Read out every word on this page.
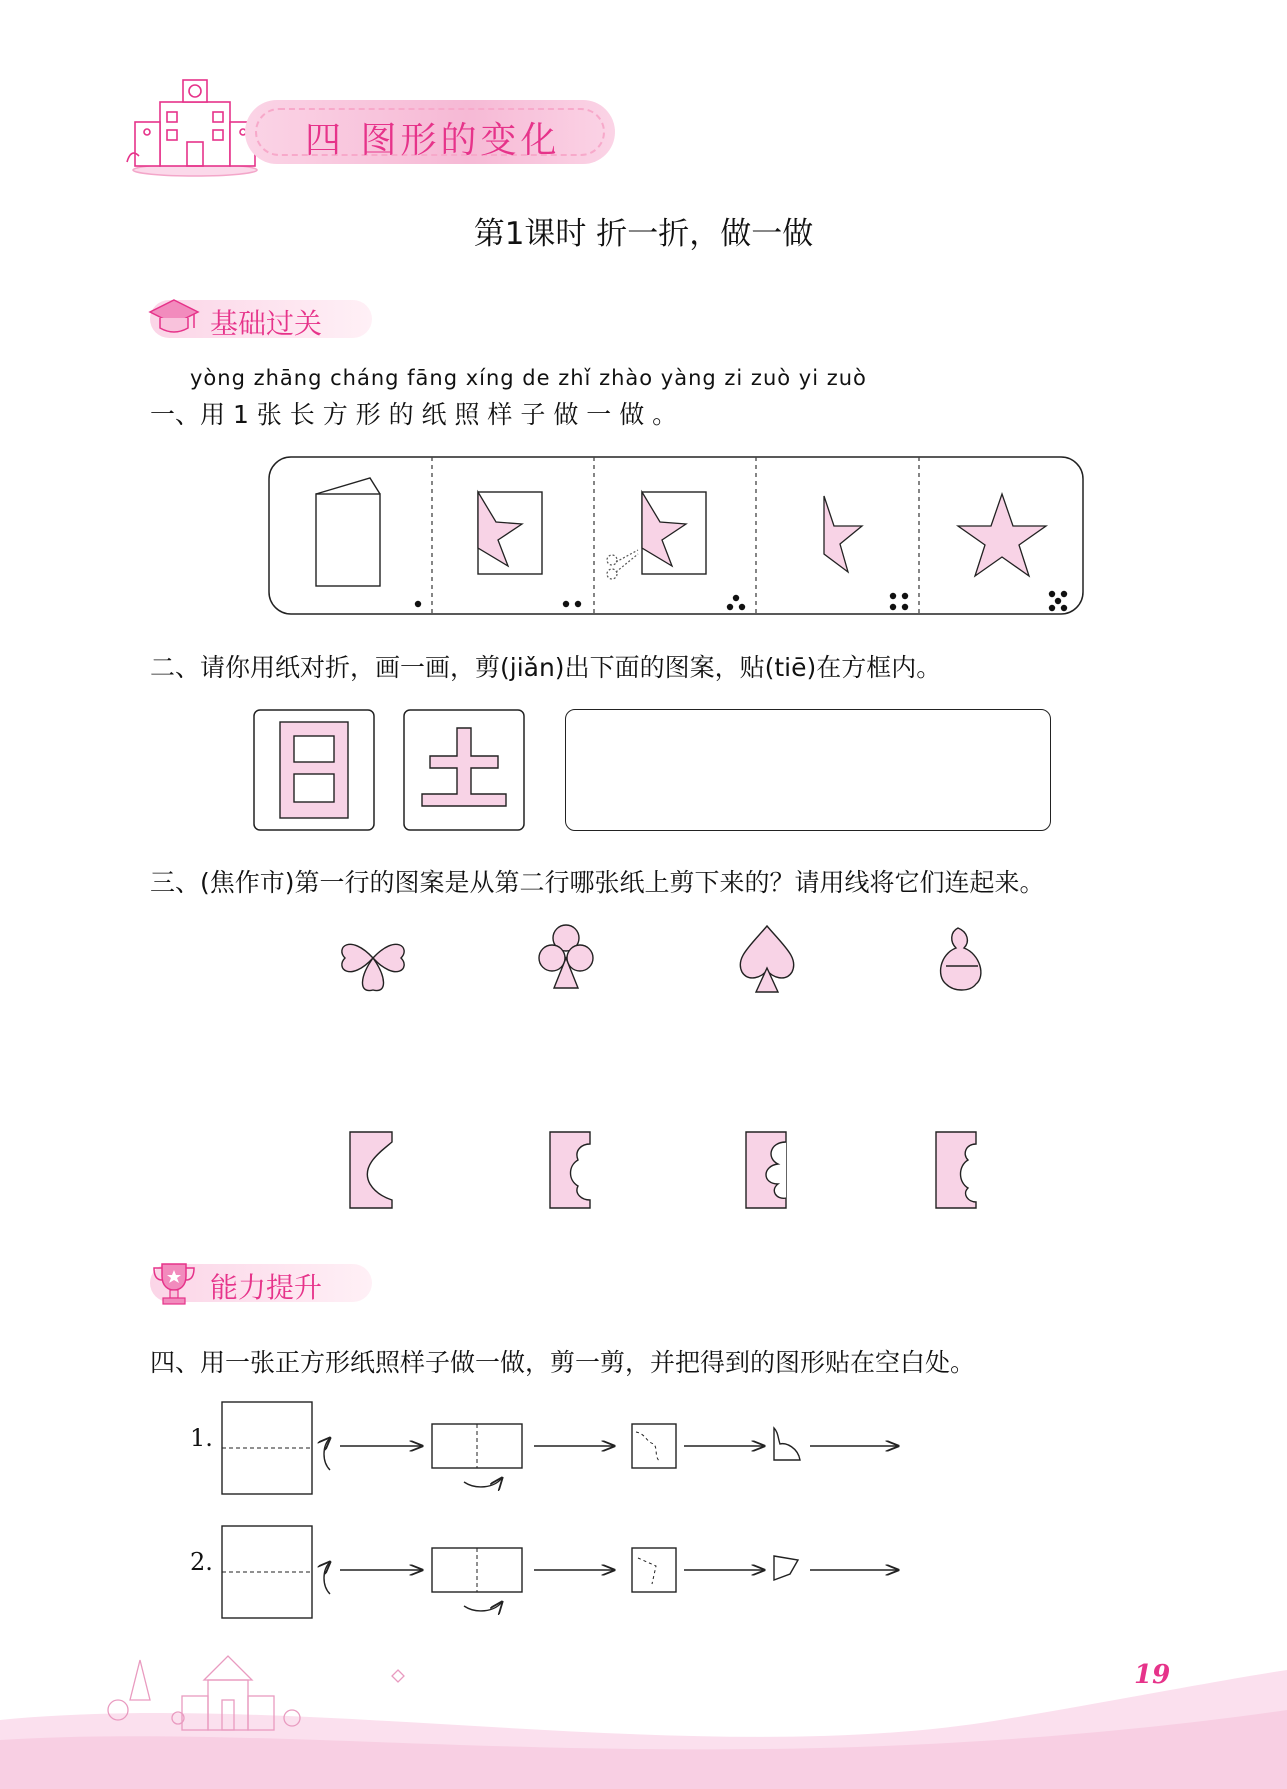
四 图形的变化
第1课时 折一折，做一做
基础过关
yòng zhāng cháng fāng xíng de zhǐ zhào yàng zi zuò yi zuò
一、用 1 张 长 方 形 的 纸 照 样 子 做 一 做 。
二、请你用纸对折，画一画，剪(jiǎn)出下面的图案，贴(tiē)在方框内。
三、(焦作市)第一行的图案是从第二行哪张纸上剪下来的？请用线将它们连起来。
能力提升
四、用一张正方形纸照样子做一做，剪一剪，并把得到的图形贴在空白处。
1.
2.
19
